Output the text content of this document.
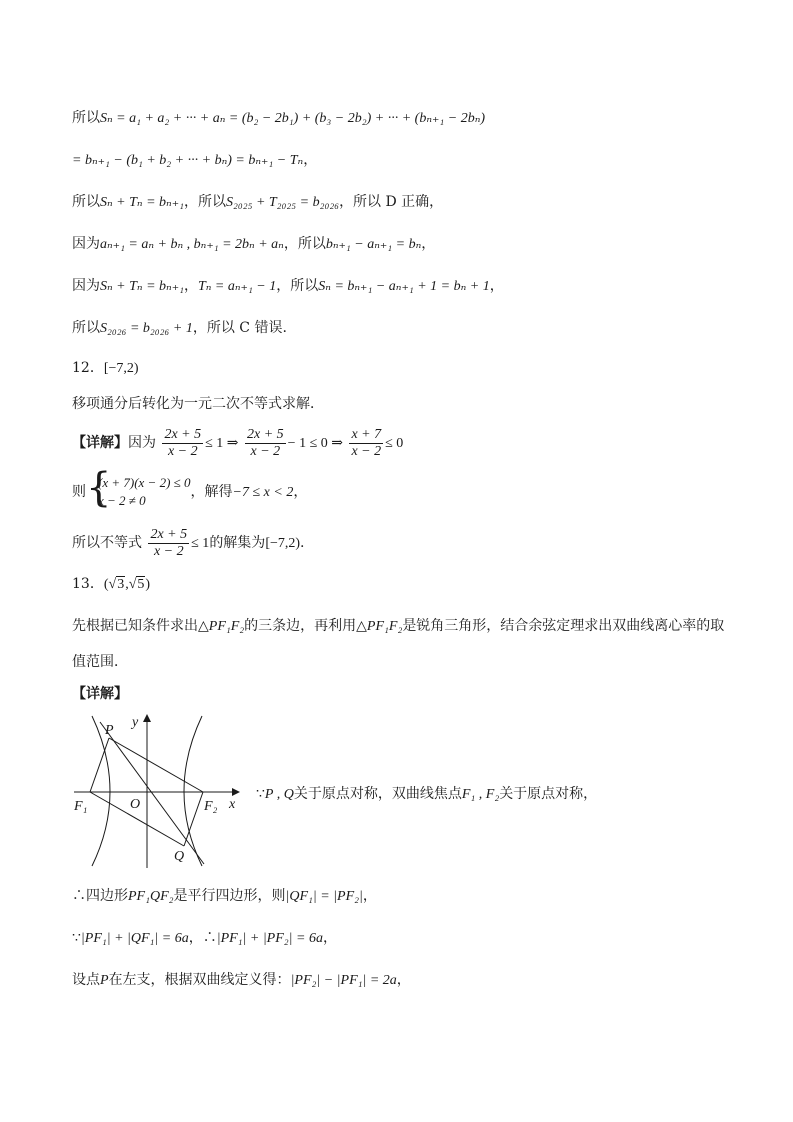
所以Sₙ = a₁ + a₂ + ··· + aₙ = (b₂ − 2b₁) + (b₃ − 2b₂) + ··· + (bₙ₊₁ − 2bₙ)
= bₙ₊₁ − (b₁ + b₂ + ··· + bₙ) = bₙ₊₁ − Tₙ，
所以Sₙ + Tₙ = bₙ₊₁，所以S₂₀₂₅ + T₂₀₂₅ = b₂₀₂₆，所以 D 正确，
因为aₙ₊₁ = aₙ + bₙ , bₙ₊₁ = 2bₙ + aₙ，所以bₙ₊₁ − aₙ₊₁ = bₙ，
因为Sₙ + Tₙ = bₙ₊₁，Tₙ = aₙ₊₁ − 1，所以Sₙ = bₙ₊₁ − aₙ₊₁ + 1 = bₙ + 1，
所以S₂₀₂₆ = b₂₀₂₆ + 1，所以 C 错误.
12．[−7,2)
移项通分后转化为一元二次不等式求解．
【详解】因为 $\frac{2x + 5}{x - 2} \le 1$ ⇒ $\frac{2x + 5}{x - 2} - 1 \le 0$ ⇒ $\frac{x + 7}{x - 2} \le 0$
则 {
(x + 7)(x − 2) ≤ 0
x − 2 ≠ 0
，解得−7 ≤ x < 2，
所以不等式 $\frac{2x + 5}{x - 2} \le 1$的解集为[−7,2).
13．(√3,√5)
先根据已知条件求出△PF₁F₂的三条边，再利用△PF₁F₂是锐角三角形，结合余弦定理求出双曲线离心率的取
值范围．
【详解】
y
x
P
Q
O
F₁	F₂
∵P , Q关于原点对称，双曲线焦点F₁ , F₂关于原点对称，
∴四边形PF₁QF₂是平行四边形，则|QF₁| = |PF₂|，
∵|PF₁| + |QF₁| = 6a，∴|PF₁| + |PF₂| = 6a，
设点P在左支，根据双曲线定义得：|PF₂| − |PF₁| = 2a，
